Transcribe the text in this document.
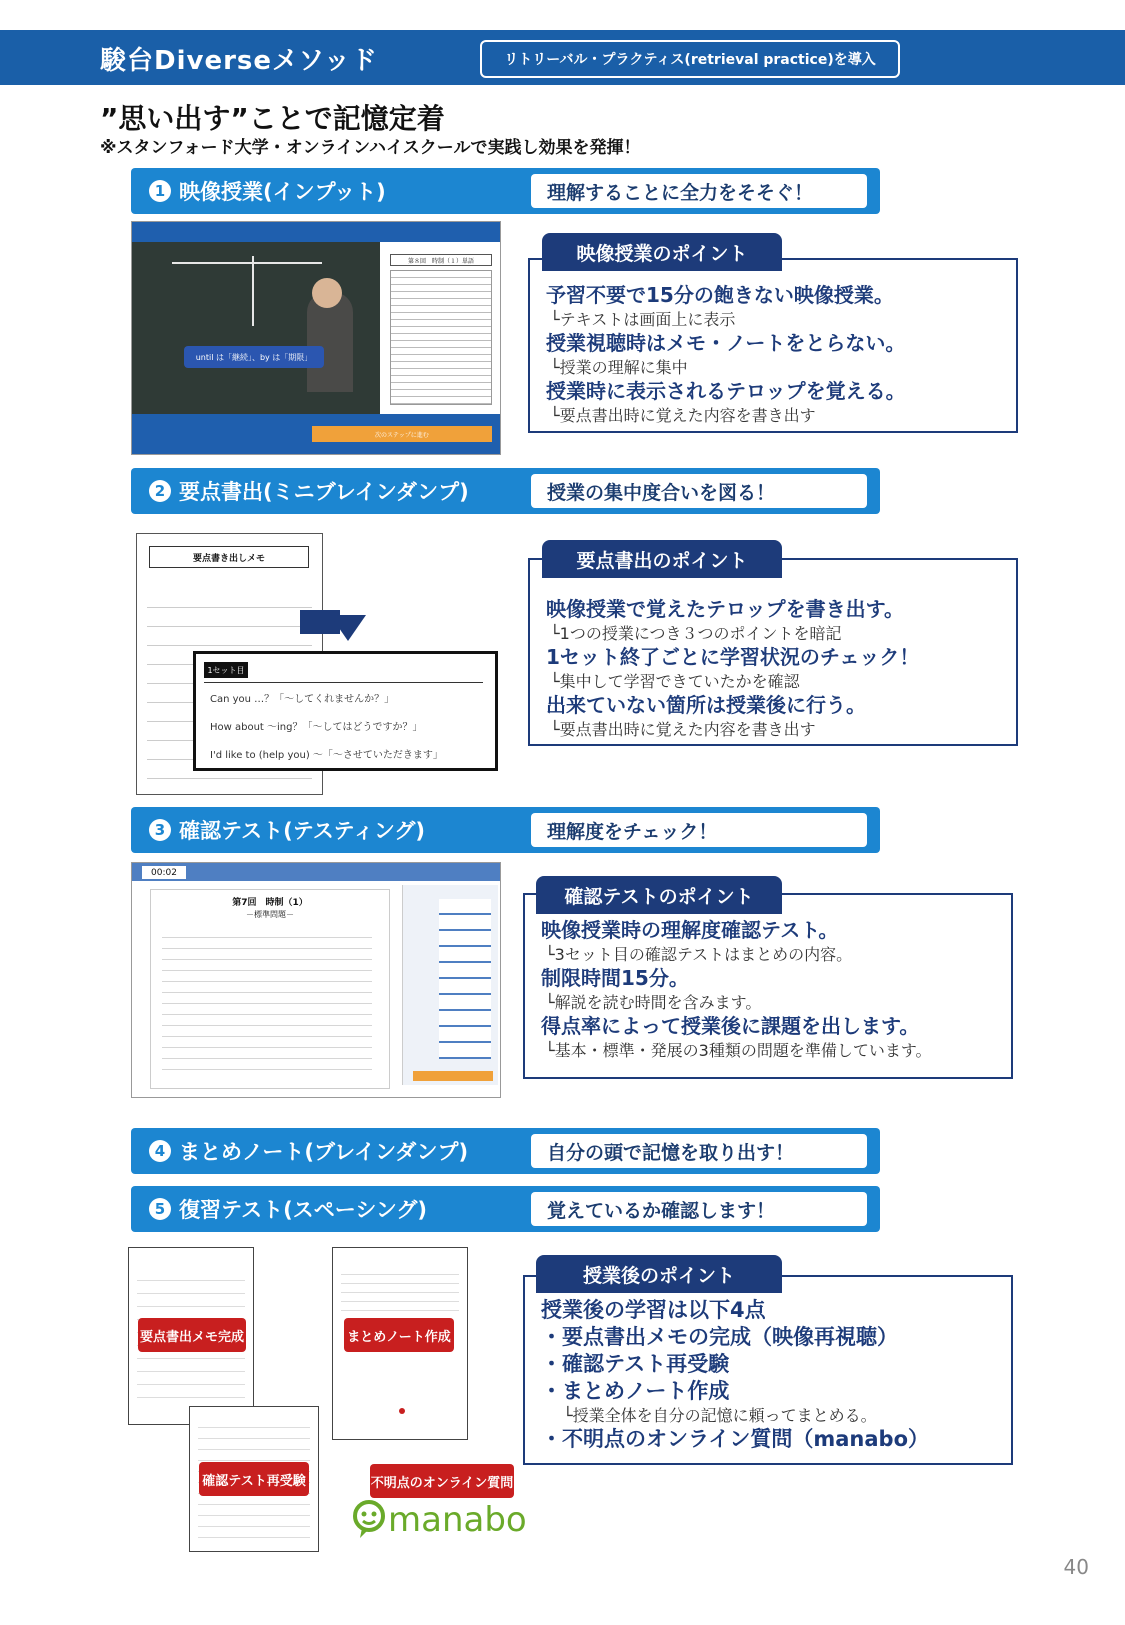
駿台Diverseメソッド	リトリーバル・プラクティス(retrieval practice)を導入
”思い出す”ことで記憶定着
※スタンフォード大学・オンラインハイスクールで実践し効果を発揮！
1 映像授業(インプット)	理解することに全力をそそぐ！
until は「継続」、by は「期限」
第８回　時制（１）単語
次のステップに進む
予習不要で15分の飽きない映像授業。
└テキストは画面上に表示
授業視聴時はメモ・ノートをとらない。
└授業の理解に集中
授業時に表示されるテロップを覚える。
└要点書出時に覚えた内容を書き出す
映像授業のポイント
2 要点書出(ミニブレインダンプ)	授業の集中度合いを図る！
要点書き出しメモ
1セット目
Can you …？「～してくれませんか？」
How about ～ing？「～してはどうですか？」
I'd like to (help you) ～「～させていただきます」
映像授業で覚えたテロップを書き出す。
└1つの授業につき３つのポイントを暗記
1セット終了ごとに学習状況のチェック！
└集中して学習できていたかを確認
出来ていない箇所は授業後に行う。
└要点書出時に覚えた内容を書き出す
要点書出のポイント
3 確認テスト(テスティング)	理解度をチェック！
00:02
第7回　時制（1）
－標準問題－
映像授業時の理解度確認テスト。
└3セット目の確認テストはまとめの内容。
制限時間15分。
└解説を読む時間を含みます。
得点率によって授業後に課題を出します。
└基本・標準・発展の3種類の問題を準備しています。
確認テストのポイント
4 まとめノート(ブレインダンプ)	自分の頭で記憶を取り出す！
5 復習テスト(スペーシング)	覚えているか確認します！
要点書出メモ完成	まとめノート作成
確認テスト再受験	不明点のオンライン質問
manabo
授業後の学習は以下4点
・要点書出メモの完成（映像再視聴）
・確認テスト再受験
・まとめノート作成
└授業全体を自分の記憶に頼ってまとめる。
・不明点のオンライン質問（manabo）
授業後のポイント
40
